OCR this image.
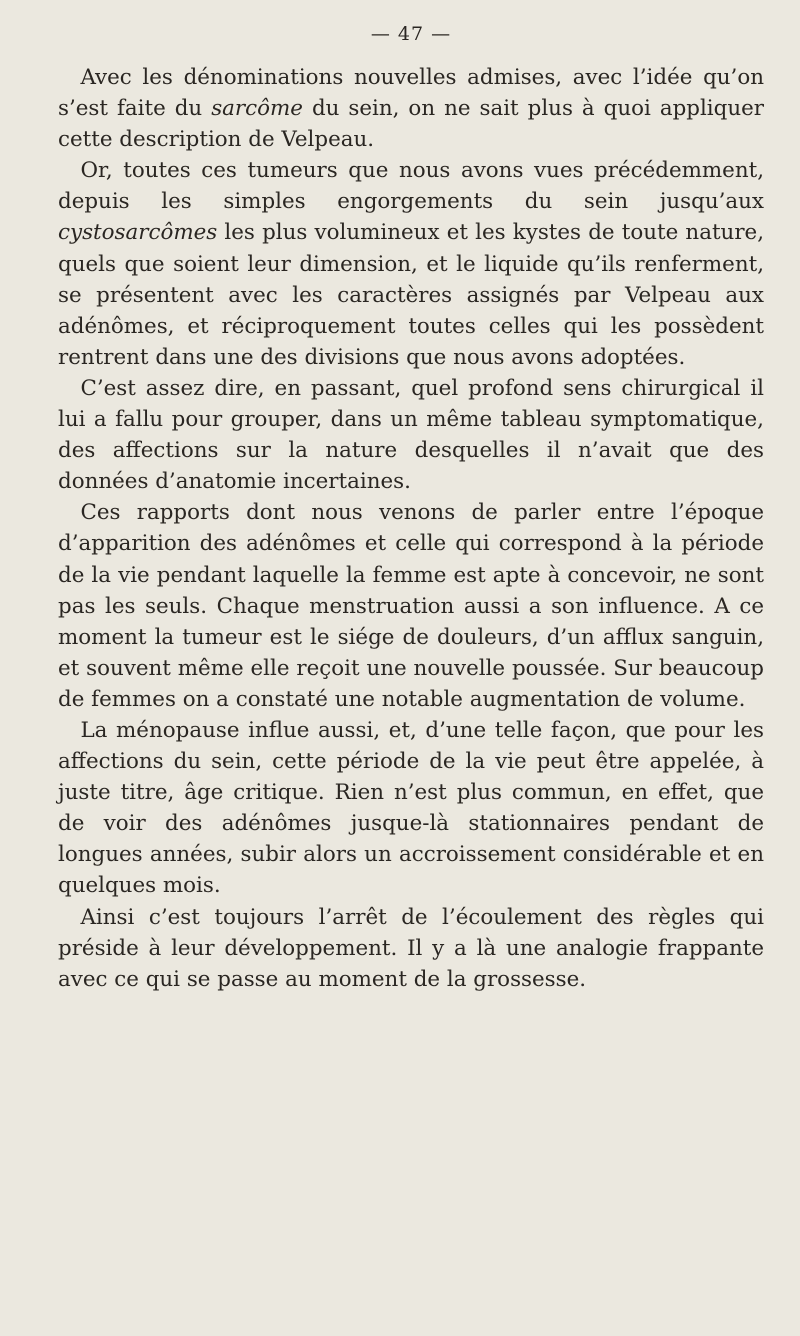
— 47 —

Avec les dénominations nouvelles admises, avec l’idée qu’on s’est faite du sarcôme du sein, on ne sait plus à quoi appliquer cette description de Velpeau.

Or, toutes ces tumeurs que nous avons vues précédemment, depuis les simples engorgements du sein jusqu’aux cystosarcômes les plus volumineux et les kystes de toute nature, quels que soient leur dimension, et le liquide qu’ils renferment, se présentent avec les caractères assignés par Velpeau aux adénômes, et réciproquement toutes celles qui les possèdent rentrent dans une des divisions que nous avons adoptées.

C’est assez dire, en passant, quel profond sens chirurgical il lui a fallu pour grouper, dans un même tableau symptomatique, des affections sur la nature desquelles il n’avait que des données d’anatomie incertaines.

Ces rapports dont nous venons de parler entre l’époque d’apparition des adénômes et celle qui correspond à la période de la vie pendant laquelle la femme est apte à concevoir, ne sont pas les seuls. Chaque menstruation aussi a son influence. A ce moment la tumeur est le siége de douleurs, d’un afflux sanguin, et souvent même elle reçoit une nouvelle poussée. Sur beaucoup de femmes on a constaté une notable augmentation de volume.

La ménopause influe aussi, et, d’une telle façon, que pour les affections du sein, cette période de la vie peut être appelée, à juste titre, âge critique. Rien n’est plus commun, en effet, que de voir des adénômes jusque-là stationnaires pendant de longues années, subir alors un accroissement considérable et en quelques mois.

Ainsi c’est toujours l’arrêt de l’écoulement des règles qui préside à leur développement. Il y a là une analogie frappante avec ce qui se passe au moment de la grossesse.
